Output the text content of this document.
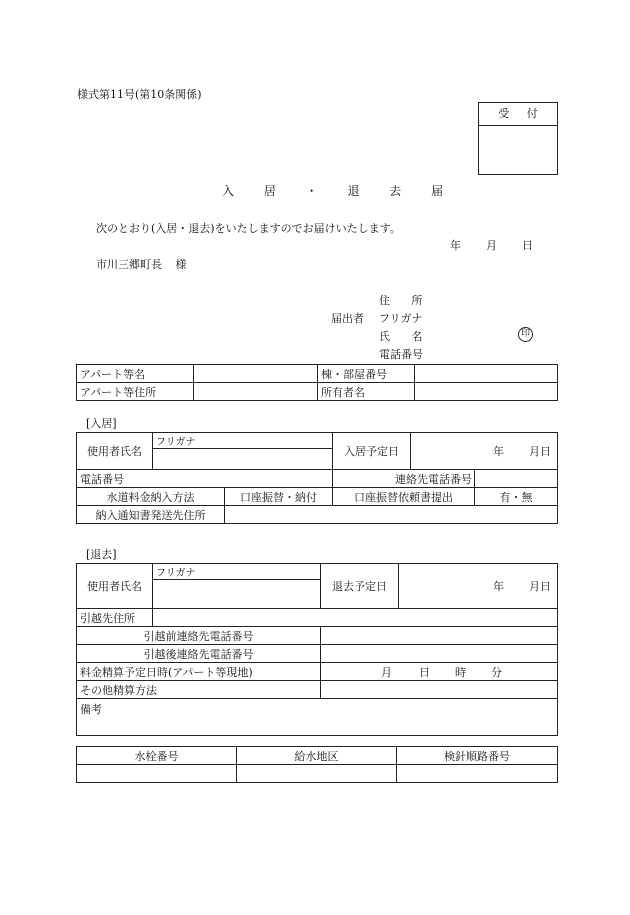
様式第11号(第10条関係)
受 付
入 居 ・ 退 去 届
次のとおり(入居・退去)をいたしますのでお届けいたします。
年 月 日
市川三郷町長 様
住 所
届出者 フリガナ
氏 名	印
電話番号
アパート等名		棟・部屋番号	
アパート等住所		所有者名	
[入居]
使用者氏名	フリガナ		入居予定日	年 月日	

電話番号			連絡先電話番号		
水道料金納入方法		口座振替・納付	口座振替依頼書提出		有・無
納入通知書発送先住所					
[退去]
使用者氏名	フリガナ	退去予定日	年 月日

引越先住所			
引越前連絡先電話番号			
引越後連絡先電話番号			
料金精算予定日時(アパート等現地)		月 日 時 分	
その他精算方法			
備考			
水栓番号	給水地区	検針順路番号
